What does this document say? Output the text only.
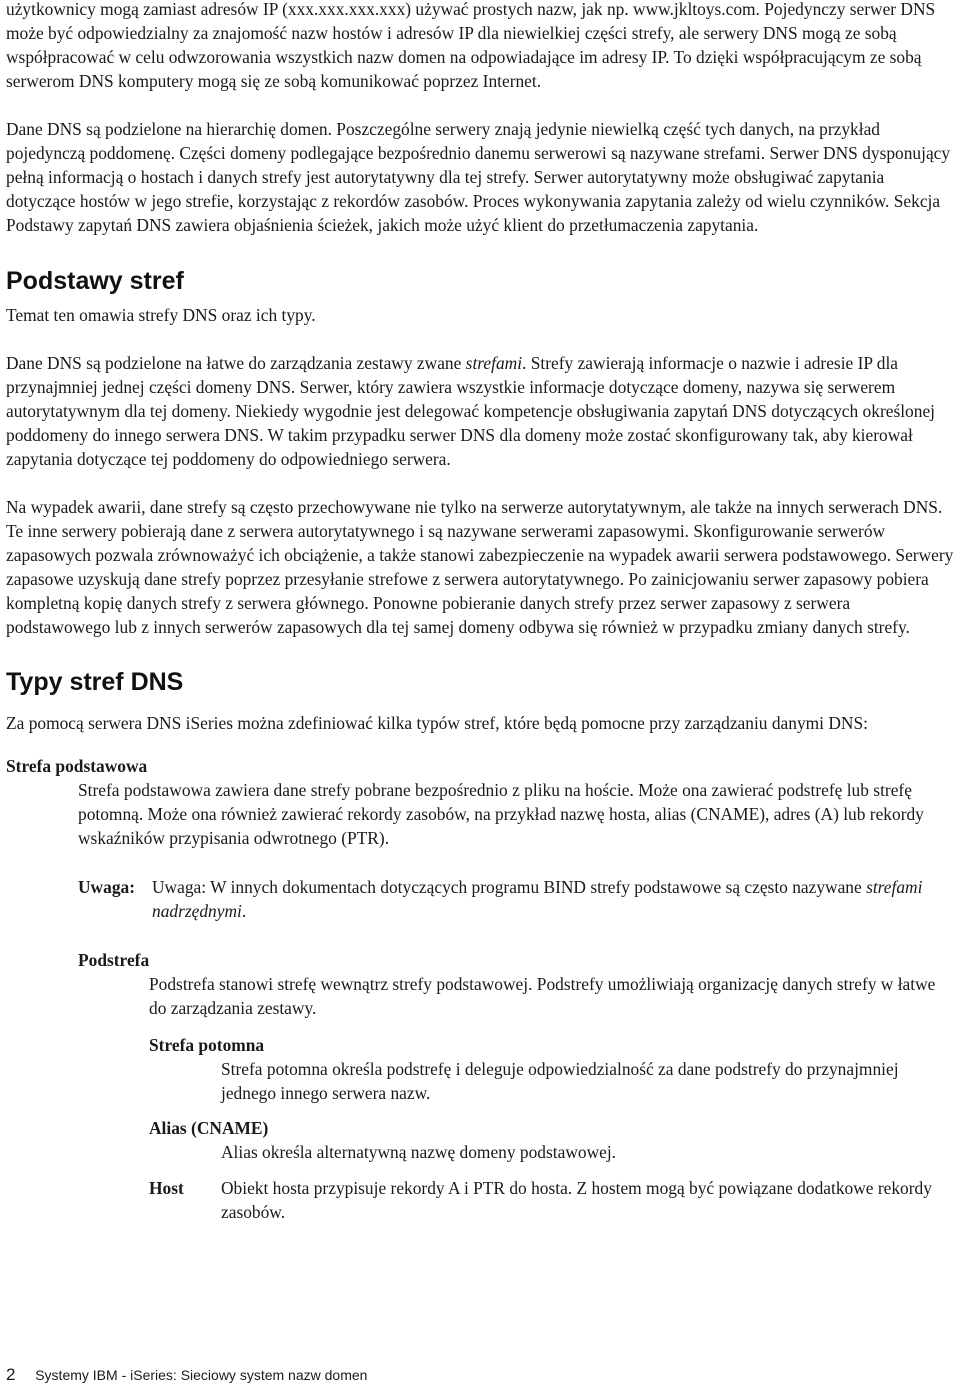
użytkownicy mogą zamiast adresów IP (xxx.xxx.xxx.xxx) używać prostych nazw, jak np. www.jkltoys.com. Pojedynczy serwer DNS może być odpowiedzialny za znajomość nazw hostów i adresów IP dla niewielkiej części strefy, ale serwery DNS mogą ze sobą współpracować w celu odwzorowania wszystkich nazw domen na odpowiadające im adresy IP. To dzięki współpracującym ze sobą serwerom DNS komputery mogą się ze sobą komunikować poprzez Internet.

Dane DNS są podzielone na hierarchię domen. Poszczególne serwery znają jedynie niewielką część tych danych, na przykład pojedynczą poddomenę. Części domeny podlegające bezpośrednio danemu serwerowi są nazywane strefami. Serwer DNS dysponujący pełną informacją o hostach i danych strefy jest autorytatywny dla tej strefy. Serwer autorytatywny może obsługiwać zapytania dotyczące hostów w jego strefie, korzystając z rekordów zasobów. Proces wykonywania zapytania zależy od wielu czynników. Sekcja Podstawy zapytań DNS zawiera objaśnienia ścieżek, jakich może użyć klient do przetłumaczenia zapytania.

Podstawy stref

Temat ten omawia strefy DNS oraz ich typy.

Dane DNS są podzielone na łatwe do zarządzania zestawy zwane strefami. Strefy zawierają informacje o nazwie i adresie IP dla przynajmniej jednej części domeny DNS. Serwer, który zawiera wszystkie informacje dotyczące domeny, nazywa się serwerem autorytatywnym dla tej domeny. Niekiedy wygodnie jest delegować kompetencje obsługiwania zapytań DNS dotyczących określonej poddomeny do innego serwera DNS. W takim przypadku serwer DNS dla domeny może zostać skonfigurowany tak, aby kierował zapytania dotyczące tej poddomeny do odpowiedniego serwera.

Na wypadek awarii, dane strefy są często przechowywane nie tylko na serwerze autorytatywnym, ale także na innych serwerach DNS. Te inne serwery pobierają dane z serwera autorytatywnego i są nazywane serwerami zapasowymi. Skonfigurowanie serwerów zapasowych pozwala zrównoważyć ich obciążenie, a także stanowi zabezpieczenie na wypadek awarii serwera podstawowego. Serwery zapasowe uzyskują dane strefy poprzez przesyłanie strefowe z serwera autorytatywnego. Po zainicjowaniu serwer zapasowy pobiera kompletną kopię danych strefy z serwera głównego. Ponowne pobieranie danych strefy przez serwer zapasowy z serwera podstawowego lub z innych serwerów zapasowych dla tej samej domeny odbywa się również w przypadku zmiany danych strefy.

Typy stref DNS

Za pomocą serwera DNS iSeries można zdefiniować kilka typów stref, które będą pomocne przy zarządzaniu danymi DNS:

Strefa podstawowa

Strefa podstawowa zawiera dane strefy pobrane bezpośrednio z pliku na hoście. Może ona zawierać podstrefę lub strefę potomną. Może ona również zawierać rekordy zasobów, na przykład nazwę hosta, alias (CNAME), adres (A) lub rekordy wskaźników przypisania odwrotnego (PTR).

Uwaga: Uwaga: W innych dokumentach dotyczących programu BIND strefy podstawowe są często nazywane strefami nadrzędnymi.

Podstrefa

Podstrefa stanowi strefę wewnątrz strefy podstawowej. Podstrefy umożliwiają organizację danych strefy w łatwe do zarządzania zestawy.

Strefa potomna

Strefa potomna określa podstrefę i deleguje odpowiedzialność za dane podstrefy do przynajmniej jednego innego serwera nazw.

Alias (CNAME)

Alias określa alternatywną nazwę domeny podstawowej.

Host	Obiekt hosta przypisuje rekordy A i PTR do hosta. Z hostem mogą być powiązane dodatkowe rekordy zasobów.

2 Systemy IBM - iSeries: Sieciowy system nazw domen
